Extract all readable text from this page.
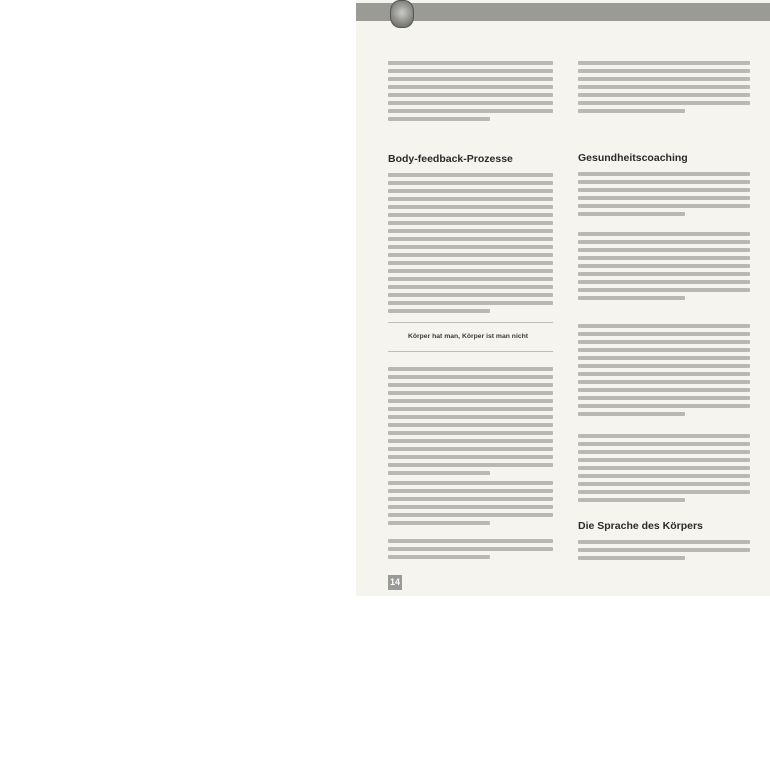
Body-feedback-Prozesse
Körper hat man, Körper ist man nicht
Gesundheitscoaching
Die Sprache des Körpers
14
